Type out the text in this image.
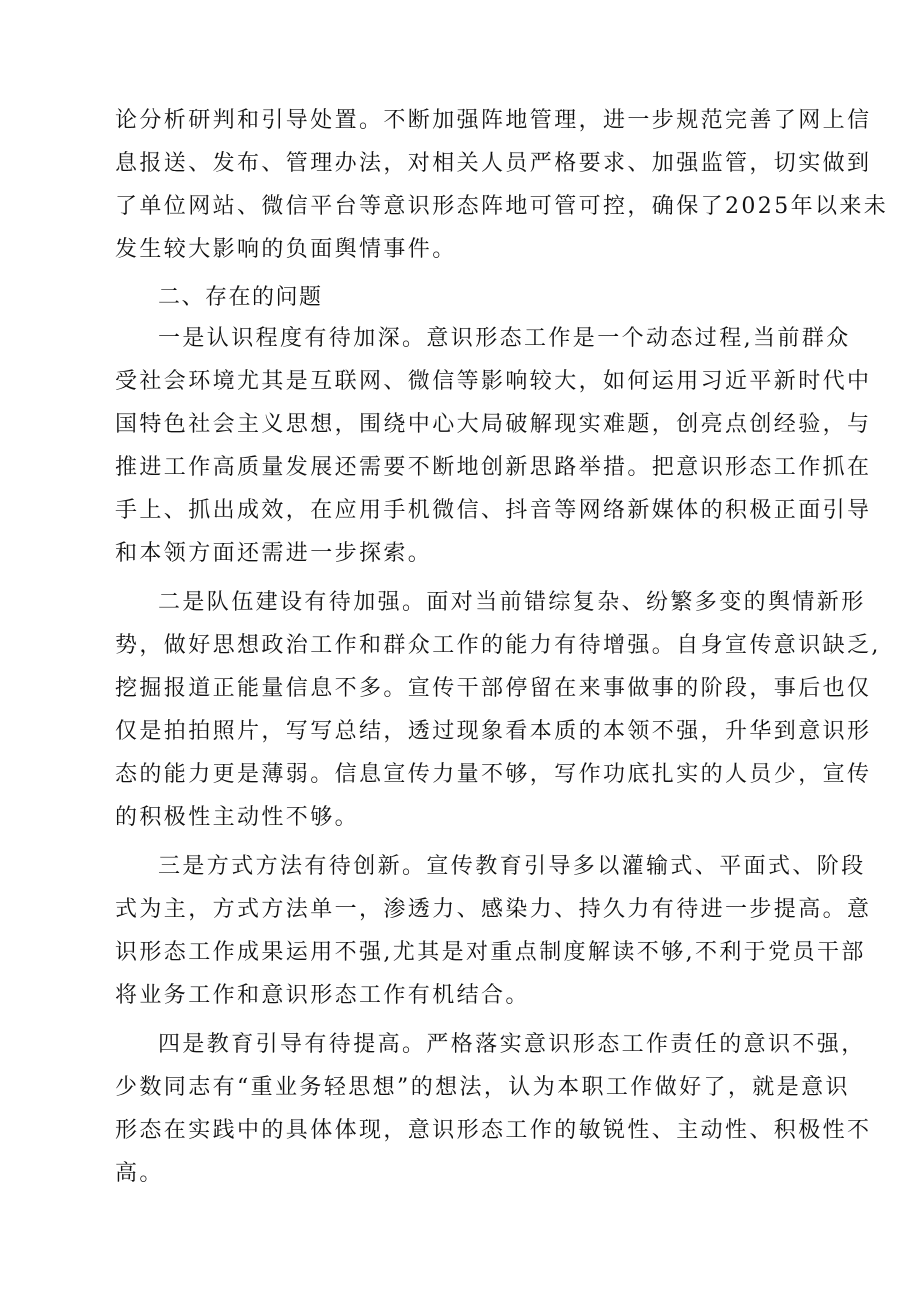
论分析研判和引导处置。不断加强阵地管理，进一步规范完善了网上信
息报送、发布、管理办法，对相关人员严格要求、加强监管，切实做到
了单位网站、微信平台等意识形态阵地可管可控，确保了2025年以来未
发生较大影响的负面舆情事件。
二、存在的问题
一是认识程度有待加深。意识形态工作是一个动态过程,当前群众
受社会环境尤其是互联网、微信等影响较大，如何运用习近平新时代中
国特色社会主义思想，围绕中心大局破解现实难题，创亮点创经验，与
推进工作高质量发展还需要不断地创新思路举措。把意识形态工作抓在
手上、抓出成效，在应用手机微信、抖音等网络新媒体的积极正面引导
和本领方面还需进一步探索。
二是队伍建设有待加强。面对当前错综复杂、纷繁多变的舆情新形
势，做好思想政治工作和群众工作的能力有待增强。自身宣传意识缺乏,
挖掘报道正能量信息不多。宣传干部停留在来事做事的阶段，事后也仅
仅是拍拍照片，写写总结，透过现象看本质的本领不强，升华到意识形
态的能力更是薄弱。信息宣传力量不够，写作功底扎实的人员少，宣传
的积极性主动性不够。
三是方式方法有待创新。宣传教育引导多以灌输式、平面式、阶段
式为主，方式方法单一，渗透力、感染力、持久力有待进一步提高。意
识形态工作成果运用不强,尤其是对重点制度解读不够,不利于党员干部
将业务工作和意识形态工作有机结合。
四是教育引导有待提高。严格落实意识形态工作责任的意识不强，
少数同志有“重业务轻思想”的想法，认为本职工作做好了，就是意识
形态在实践中的具体体现，意识形态工作的敏锐性、主动性、积极性不
高。
